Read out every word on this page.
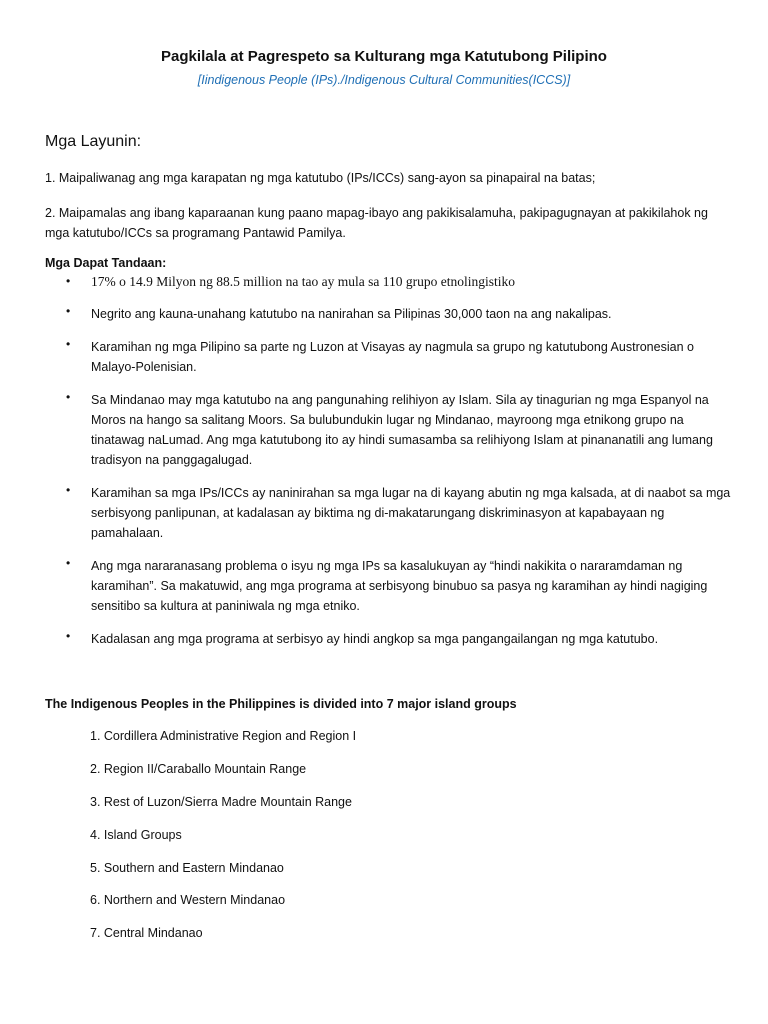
Pagkilala at Pagrespeto sa Kulturang mga Katutubong Pilipino
[Iindigenous People (IPs)./Indigenous Cultural Communities(ICCS)]
Mga Layunin:
1. Maipaliwanag ang mga karapatan ng mga katutubo (IPs/ICCs) sang-ayon sa pinapairal na batas;
2. Maipamalas ang ibang kaparaanan kung paano mapag-ibayo ang pakikisalamuha, pakipagugnayan at pakikilahok ng mga katutubo/ICCs sa programang Pantawid Pamilya.
Mga Dapat Tandaan:
• 17% o 14.9 Milyon ng 88.5 million na tao ay mula sa 110 grupo etnolingistiko
• Negrito ang kauna-unahang katutubo na nanirahan sa Pilipinas 30,000 taon na ang nakalipas.
• Karamihan ng mga Pilipino sa parte ng Luzon at Visayas ay nagmula sa grupo ng katutubong Austronesian o Malayo-Polenisian.
• Sa Mindanao may mga katutubo na ang pangunahing relihiyon ay Islam. Sila ay tinagurian ng mga Espanyol na Moros na hango sa salitang Moors. Sa bulubundukin lugar ng Mindanao, mayroong mga etnikong grupo na tinatawag naLumad. Ang mga katutubong ito ay hindi sumasamba sa relihiyong Islam at pinananatili ang lumang tradisyon na panggagalugad.
• Karamihan sa mga IPs/ICCs ay naninirahan sa mga lugar na di kayang abutin ng mga kalsada, at di naabot sa mga serbisyong panlipunan, at kadalasan ay biktima ng di-makatarungang diskriminasyon at kapabayaan ng pamahalaan.
• Ang mga nararanasang problema o isyu ng mga IPs sa kasalukuyan ay “hindi nakikita o nararamdaman ng karamihan”. Sa makatuwid, ang mga programa at serbisyong binubuo sa pasya ng karamihan ay hindi nagiging sensitibo sa kultura at paniniwala ng mga etniko.
• Kadalasan ang mga programa at serbisyo ay hindi angkop sa mga pangangailangan ng mga katutubo.
The Indigenous Peoples in the Philippines is divided into 7 major island groups
1. Cordillera Administrative Region and Region I
2. Region II/Caraballo Mountain Range
3. Rest of Luzon/Sierra Madre Mountain Range
4. Island Groups
5. Southern and Eastern Mindanao
6. Northern and Western Mindanao
7. Central Mindanao
